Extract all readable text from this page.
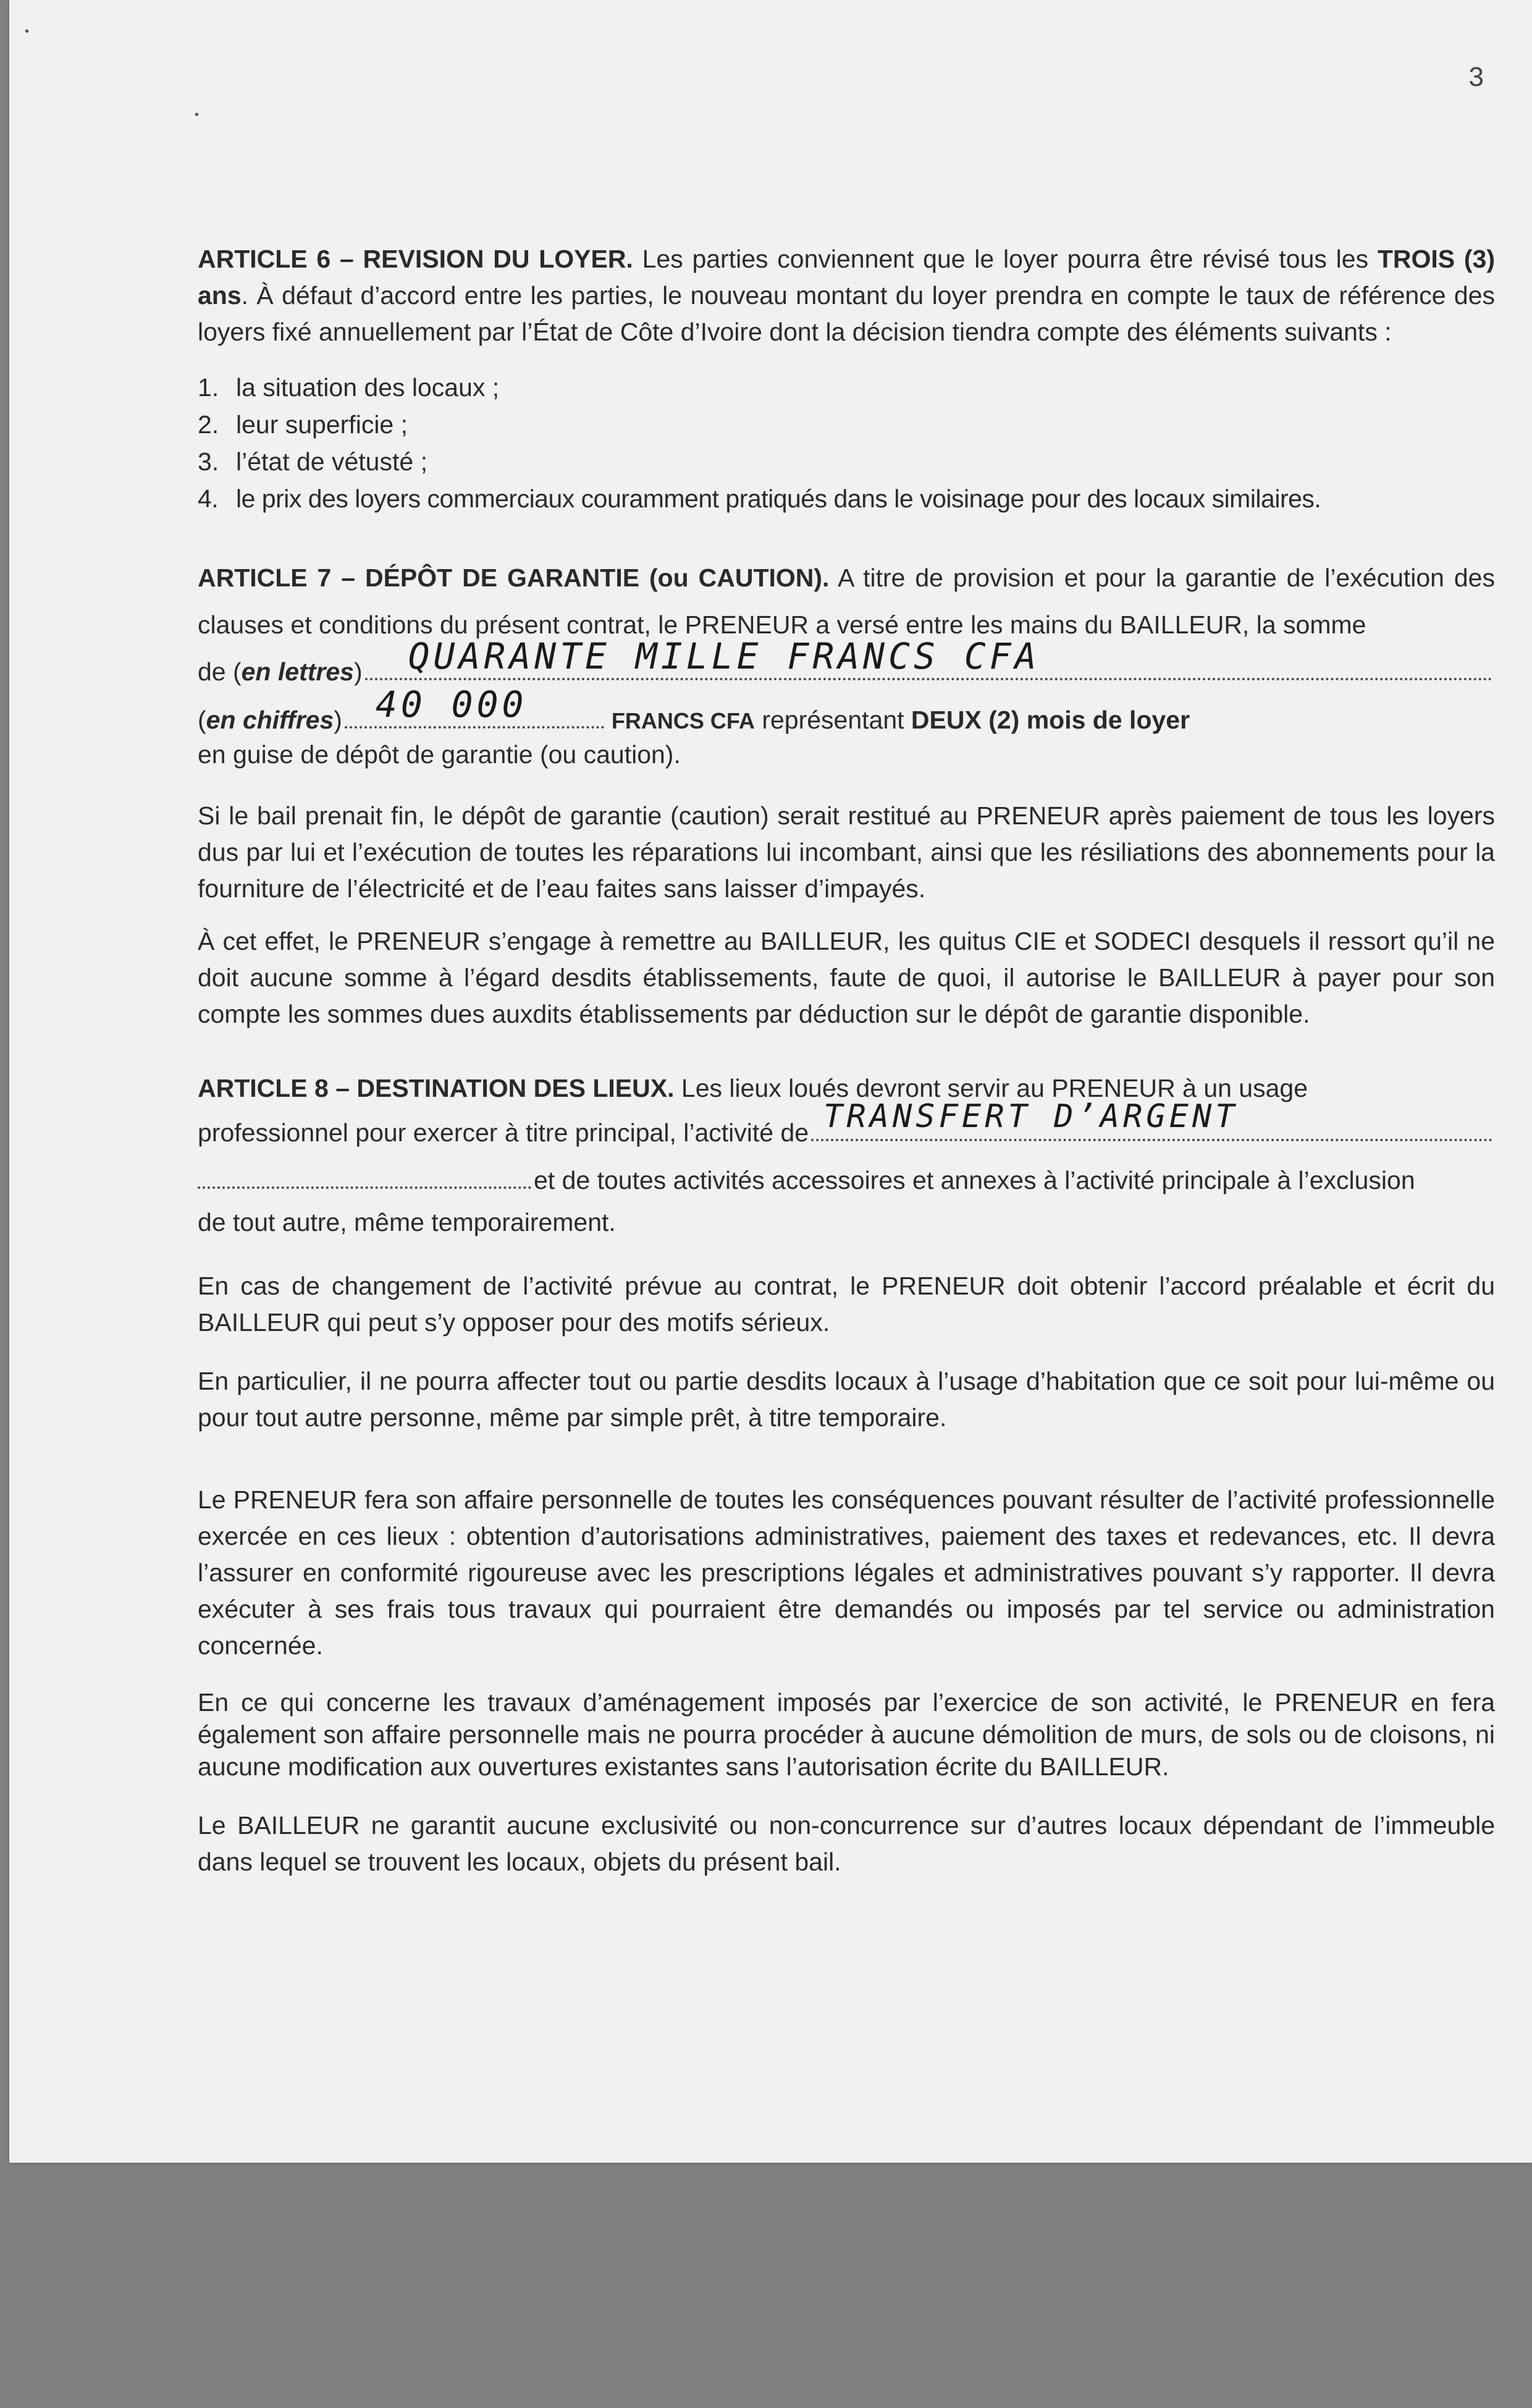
•
•
3

ARTICLE 6 – REVISION DU LOYER. Les parties conviennent que le loyer pourra être révisé tous les TROIS (3) ans. À défaut d’accord entre les parties, le nouveau montant du loyer prendra en compte le taux de référence des loyers fixé annuellement par l’État de Côte d’Ivoire dont la décision tiendra compte des éléments suivants :

1. la situation des locaux ;
2. leur superficie ;
3. l’état de vétusté ;
4. le prix des loyers commerciaux couramment pratiqués dans le voisinage pour des locaux similaires.

ARTICLE 7 – DÉPÔT DE GARANTIE (ou CAUTION). A titre de provision et pour la garantie de l’exécution des clauses et conditions du présent contrat, le PRENEUR a versé entre les mains du BAILLEUR, la somme

de (en lettres) QUARANTE MILLE FRANCS CFA
(en chiffres) 40 000	FRANCS CFA représentant DEUX (2) mois de loyer

en guise de dépôt de garantie (ou caution).

Si le bail prenait fin, le dépôt de garantie (caution) serait restitué au PRENEUR après paiement de tous les loyers dus par lui et l’exécution de toutes les réparations lui incombant, ainsi que les résiliations des abonnements pour la fourniture de l’électricité et de l’eau faites sans laisser d’impayés.

À cet effet, le PRENEUR s’engage à remettre au BAILLEUR, les quitus CIE et SODECI desquels il ressort qu’il ne doit aucune somme à l’égard desdits établissements, faute de quoi, il autorise le BAILLEUR à payer pour son compte les sommes dues auxdits établissements par déduction sur le dépôt de garantie disponible.

ARTICLE 8 – DESTINATION DES LIEUX. Les lieux loués devront servir au PRENEUR à un usage

professionnel pour exercer à titre principal, l’activité de TRANSFERT D’ARGENT
et de toutes activités accessoires et annexes à l’activité principale à l’exclusion

de tout autre, même temporairement.

En cas de changement de l’activité prévue au contrat, le PRENEUR doit obtenir l’accord préalable et écrit du BAILLEUR qui peut s’y opposer pour des motifs sérieux.

En particulier, il ne pourra affecter tout ou partie desdits locaux à l’usage d’habitation que ce soit pour lui-même ou pour tout autre personne, même par simple prêt, à titre temporaire.

Le PRENEUR fera son affaire personnelle de toutes les conséquences pouvant résulter de l’activité professionnelle exercée en ces lieux : obtention d’autorisations administratives, paiement des taxes et redevances, etc. Il devra l’assurer en conformité rigoureuse avec les prescriptions légales et administratives pouvant s’y rapporter. Il devra exécuter à ses frais tous travaux qui pourraient être demandés ou imposés par tel service ou administration concernée.

En ce qui concerne les travaux d’aménagement imposés par l’exercice de son activité, le PRENEUR en fera également son affaire personnelle mais ne pourra procéder à aucune démolition de murs, de sols ou de cloisons, ni aucune modification aux ouvertures existantes sans l’autorisation écrite du BAILLEUR.

Le BAILLEUR ne garantit aucune exclusivité ou non-concurrence sur d’autres locaux dépendant de l’immeuble dans lequel se trouvent les locaux, objets du présent bail.
